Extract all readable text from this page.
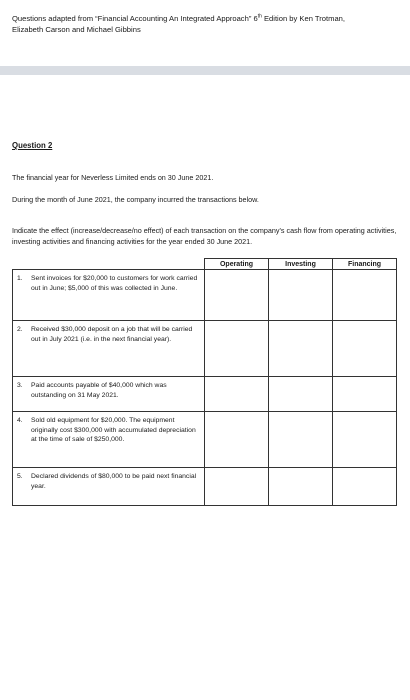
Questions adapted from “Financial Accounting An Integrated Approach” 6th Edition by Ken Trotman,
Elizabeth Carson and Michael Gibbins
Question 2
The financial year for Neverless Limited ends on 30 June 2021.
During the month of June 2021, the company incurred the transactions below.
Indicate the effect (increase/decrease/no effect) of each transaction on the company’s cash flow from operating activities, investing activities and financing activities for the year ended 30 June 2021.
	Operating	Investing	Financing

1. Sent invoices for $20,000 to customers for work carried out in June; $5,000 of this was collected in June.			

2. Received $30,000 deposit on a job that will be carried out in July 2021 (i.e. in the next financial year).			

3. Paid accounts payable of $40,000 which was outstanding on 31 May 2021.			

4. Sold old equipment for $20,000. The equipment originally cost $300,000 with accumulated depreciation at the time of sale of $250,000.			

5. Declared dividends of $80,000 to be paid next financial year.			
